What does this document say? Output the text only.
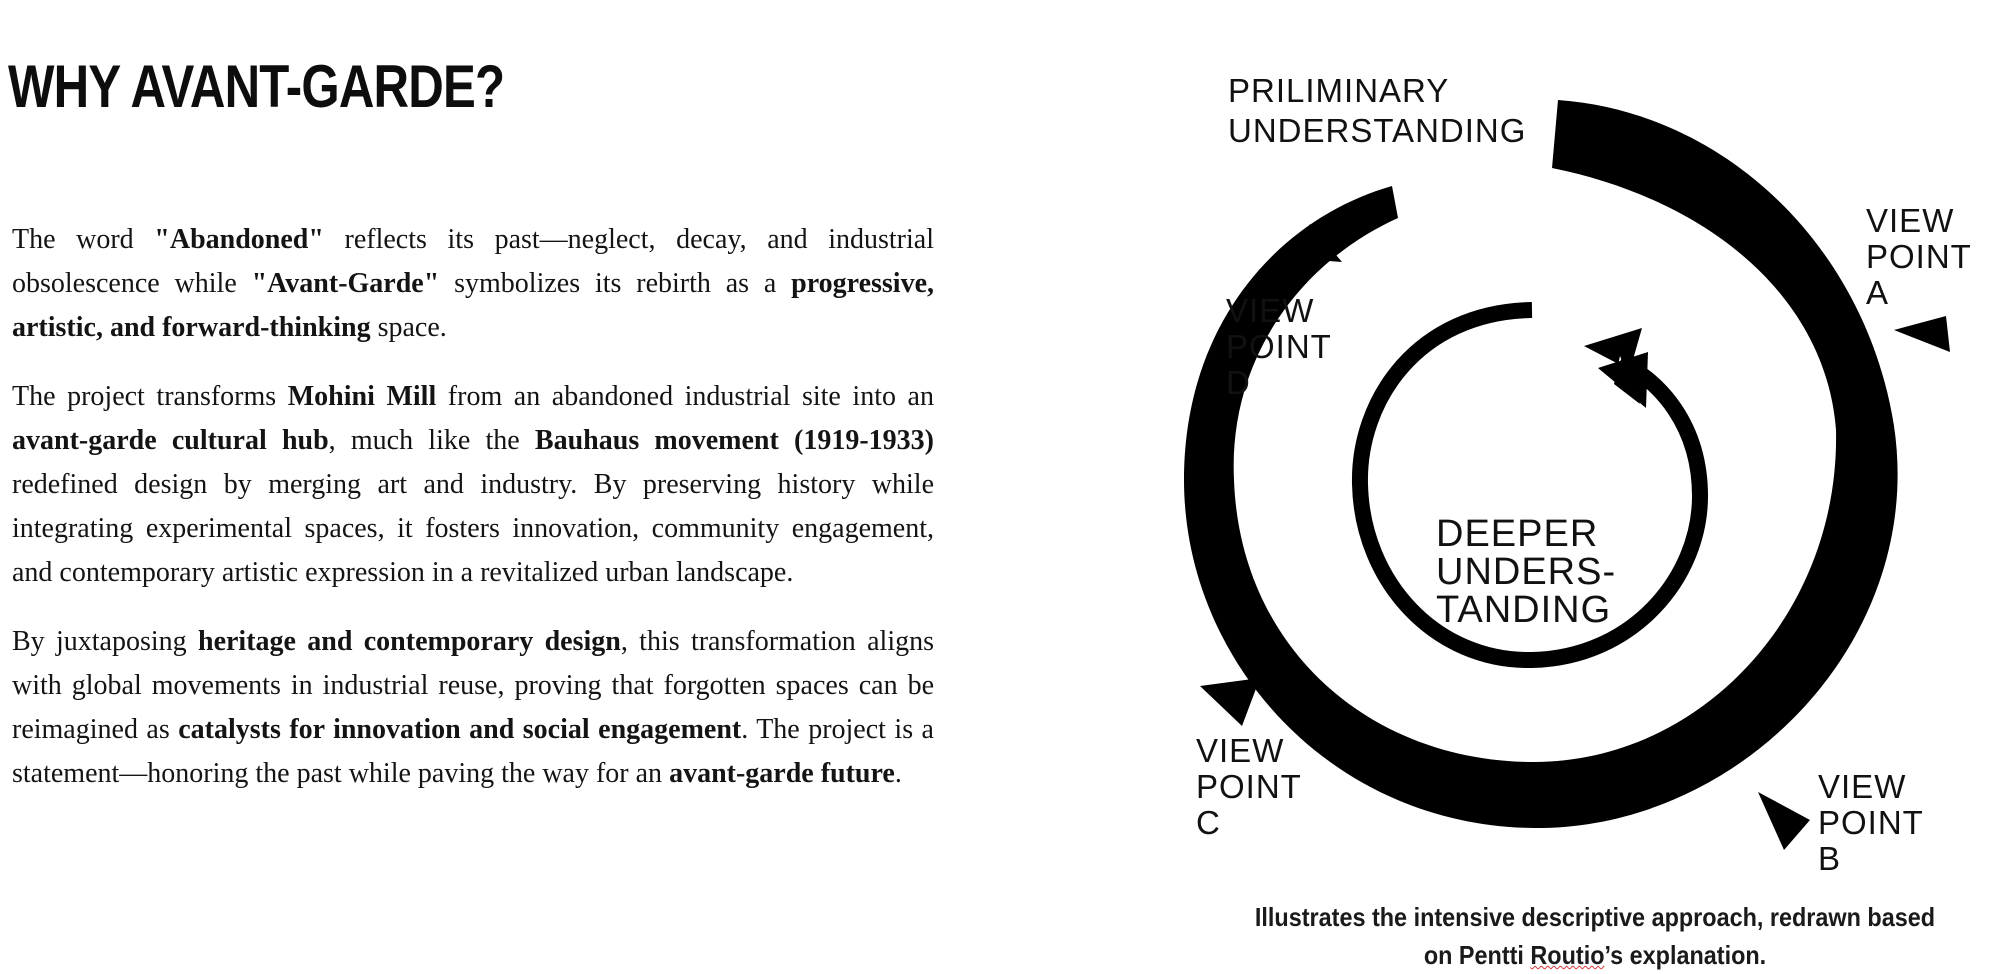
WHY AVANT-GARDE?

The word "Abandoned" reflects its past—neglect, decay, and industrial obsolescence while "Avant-Garde" symbolizes its rebirth as a progressive, artistic, and forward-thinking space.

The project transforms Mohini Mill from an abandoned industrial site into an avant-garde cultural hub, much like the Bauhaus movement (1919-1933) redefined design by merging art and industry. By preserving history while integrating experimental spaces, it fosters innovation, community engagement, and contemporary artistic expression in a revitalized urban landscape.

By juxtaposing heritage and contemporary design, this transformation aligns with global movements in industrial reuse, proving that forgotten spaces can be reimagined as catalysts for innovation and social engagement. The project is a statement—honoring the past while paving the way for an avant-garde future.

PRILIMINARY UNDERSTANDING
VIEW POINT A
VIEW POINT D
VIEW POINT C
VIEW POINT B
DEEPER UNDERS- TANDING
Illustrates the intensive descriptive approach, redrawn based
on Pentti Routio’s explanation.
